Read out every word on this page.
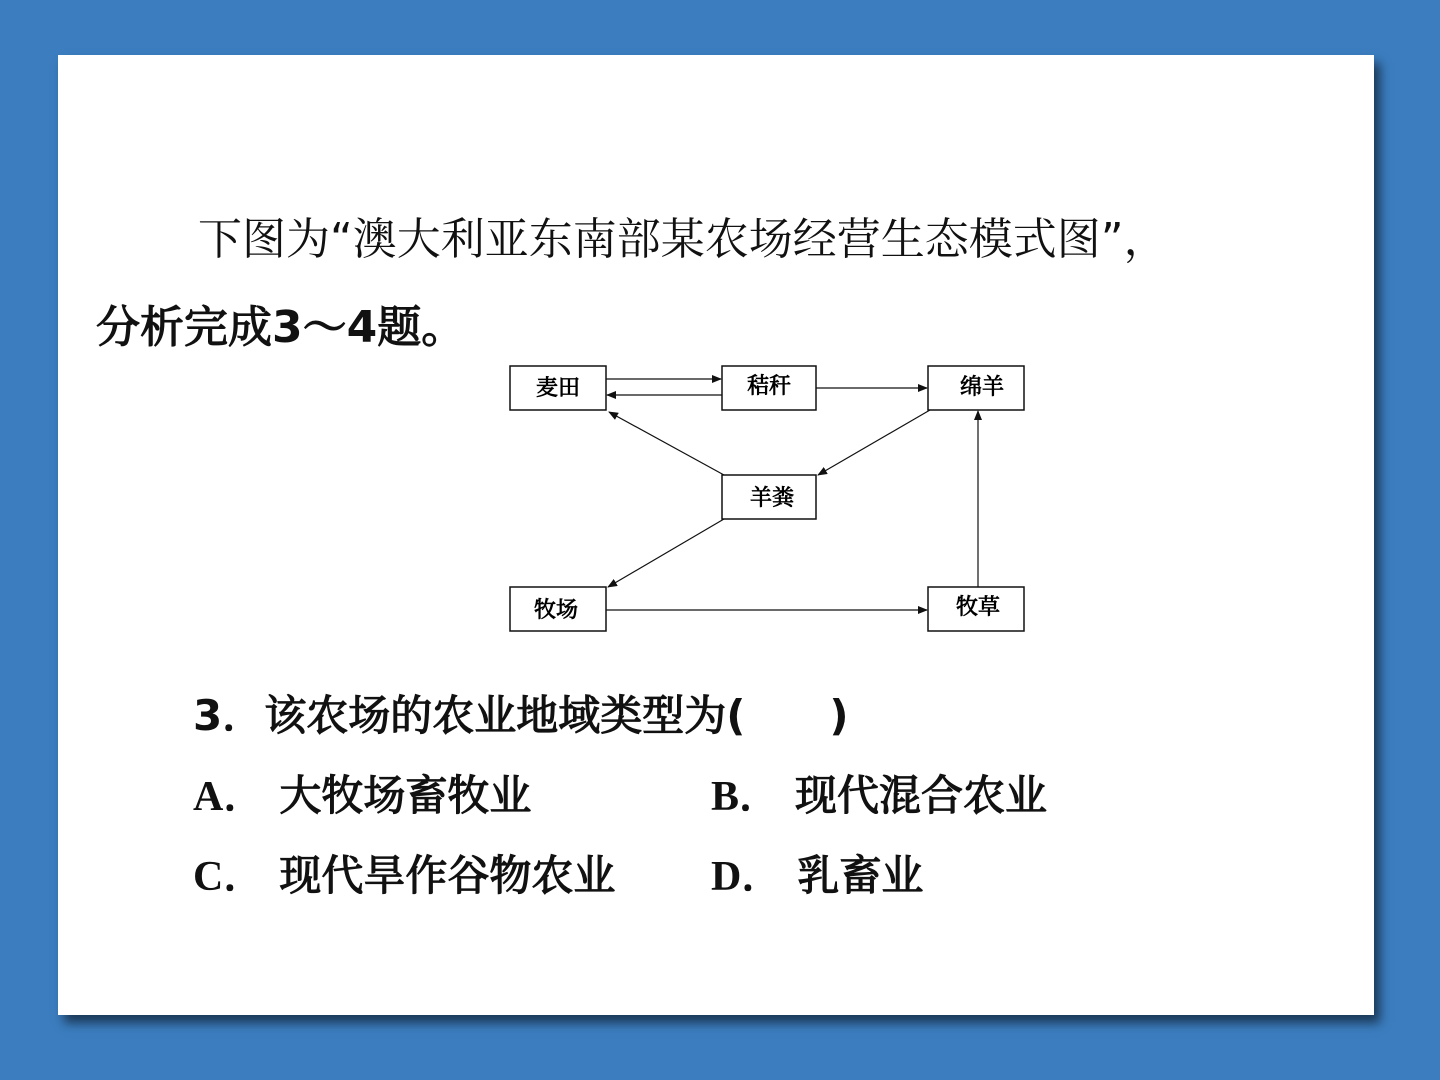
下图为“澳大利亚东南部某农场经营生态模式图”，
分析完成3～4题。
麦田	秸秆	绵羊
羊粪
牧场	牧草
3．该农场的农业地域类型为(　　)
A． 大牧场畜牧业	B． 现代混合农业
C． 现代旱作谷物农业 D． 乳畜业
